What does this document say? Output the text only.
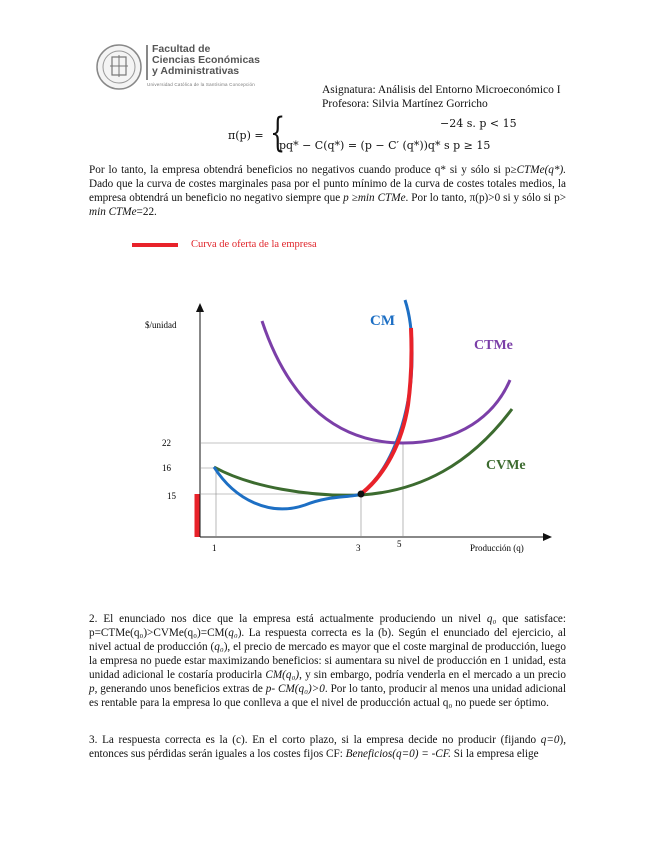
Facultad de
Ciencias Económicas
y Administrativas
Universidad Católica de la Santísima Concepción	Asignatura: Análisis del Entorno Microeconómico I
Profesora: Silvia Martínez Gorricho
π(p) = {	−24 s. p < 15
pq* − C(q*) = (p − C′ (q*))q* s p ≥ 15
Por lo tanto, la empresa obtendrá beneficios no negativos cuando produce q* si y sólo si p≥CTMe(q*). Dado que la curva de costes marginales pasa por el punto mínimo de la curva de costes totales medios, la empresa obtendrá un beneficio no negativo siempre que p ≥min CTMe. Por lo tanto, π(p)>0 si y sólo si p> min CTMe=22.
Curva de oferta de la empresa
$/unidad
Producción (q)
22
16
15
1	3	5
CM
CTMe
CVMe
2. El enunciado nos dice que la empresa está actualmente produciendo un nivel q₀ que satisface: p=CTMe(q₀)>CVMe(q₀)=CM(q₀). La respuesta correcta es la (b). Según el enunciado del ejercicio, al nivel actual de producción (q₀), el precio de mercado es mayor que el coste marginal de producción, luego la empresa no puede estar maximizando beneficios: si aumentara su nivel de producción en 1 unidad, esta unidad adicional le costaría producirla CM(q₀), y sin embargo, podría venderla en el mercado a un precio p, generando unos beneficios extras de p- CM(q₀)>0. Por lo tanto, producir al menos una unidad adicional es rentable para la empresa lo que conlleva a que el nivel de producción actual q₀ no puede ser óptimo.
3. La respuesta correcta es la (c). En el corto plazo, si la empresa decide no producir (fijando q=0), entonces sus pérdidas serán iguales a los costes fijos CF: Beneficios(q=0) = -CF. Si la empresa elige
